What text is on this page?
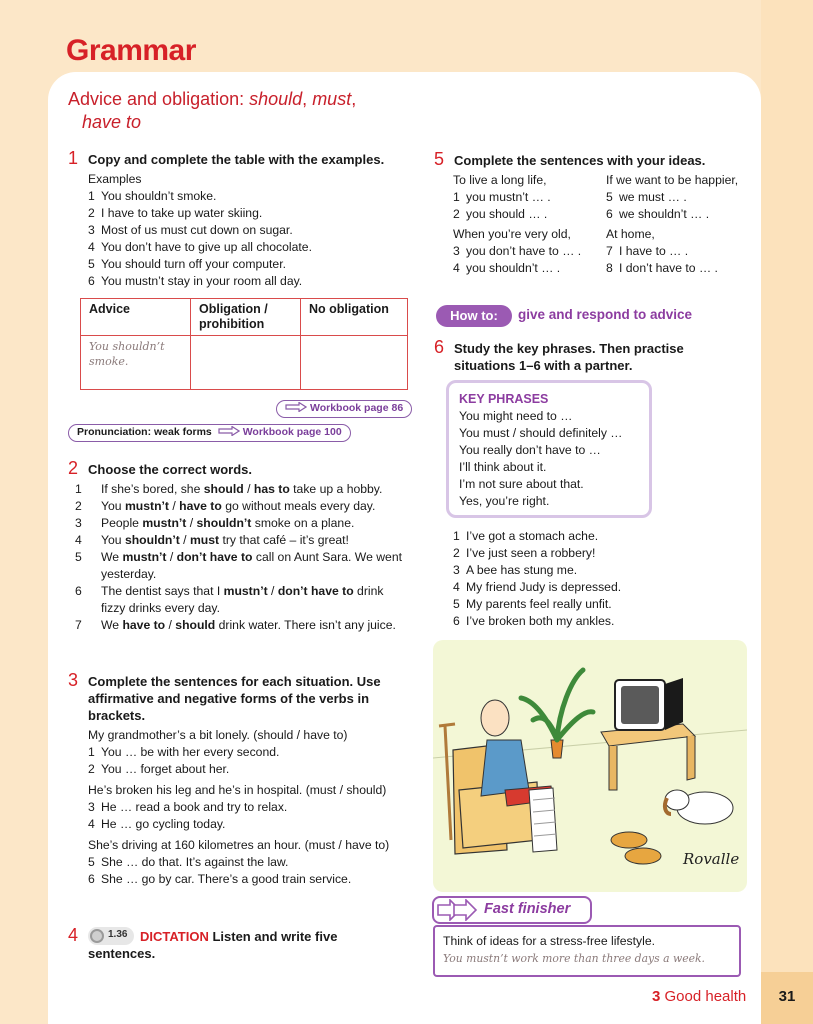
Grammar
Advice and obligation: should, must,
have to
1 Copy and complete the table with the examples.
Examples
1 You shouldn’t smoke.
2 I have to take up water skiing.
3 Most of us must cut down on sugar.
4 You don’t have to give up all chocolate.
5 You should turn off your computer.
6 You mustn’t stay in your room all day.
Advice	Obligation / prohibition	No obligation
You shouldn’t smoke.		
Workbook page 86
Pronunciation: weak forms	Workbook page 100
2 Choose the correct words.
1 If she’s bored, she should / has to take up a hobby.
2 You mustn’t / have to go without meals every day.
3 People mustn’t / shouldn’t smoke on a plane.
4 You shouldn’t / must try that café – it’s great!
5 We mustn’t / don’t have to call on Aunt Sara. We went yesterday.
6 The dentist says that I mustn’t / don’t have to drink fizzy drinks every day.
7 We have to / should drink water. There isn’t any juice.
3 Complete the sentences for each situation. Use affirmative and negative forms of the verbs in brackets.
My grandmother’s a bit lonely. (should / have to)
1 You … be with her every second.
2 You … forget about her.
He’s broken his leg and he’s in hospital. (must / should)
3 He … read a book and try to relax.
4 He … go cycling today.
She’s driving at 160 kilometres an hour. (must / have to)
5 She … do that. It’s against the law.
6 She … go by car. There’s a good train service.
4	1.36 DICTATION Listen and write five sentences.
5 Complete the sentences with your ideas.
To live a long life,
1 you mustn’t … .
2 you should … .
When you’re very old,
3 you don’t have to … .
4 you shouldn’t … .
If we want to be happier,
5 we must … .
6 we shouldn’t … .
At home,
7 I have to … .
8 I don’t have to … .
How to:	give and respond to advice
6 Study the key phrases. Then practise situations 1–6 with a partner.
KEY PHRASES
You might need to …
You must / should definitely …
You really don’t have to …
I’ll think about it.
I’m not sure about that.
Yes, you’re right.
1 I’ve got a stomach ache.
2 I’ve just seen a robbery!
3 A bee has stung me.
4 My friend Judy is depressed.
5 My parents feel really unfit.
6 I’ve broken both my ankles.
Rovalle
Fast finisher
Think of ideas for a stress-free lifestyle.
You mustn’t work more than three days a week.
3 Good health	31
